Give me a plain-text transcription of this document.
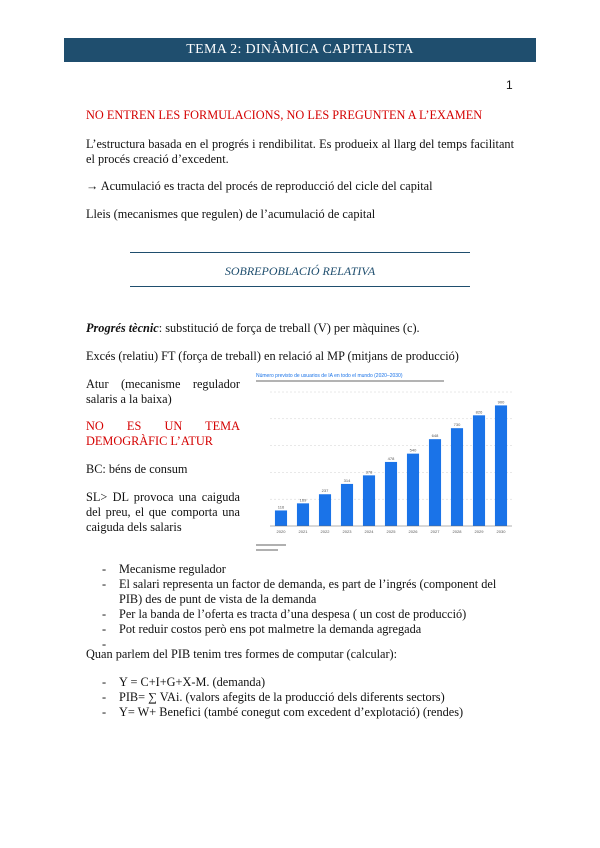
TEMA 2: DINÀMICA CAPITALISTA
1
NO ENTREN LES FORMULACIONS, NO LES PREGUNTEN A L’EXAMEN
L’estructura basada en el progrés i rendibilitat. Es produeix al llarg del temps facilitant el procés creació d’excedent.
→ Acumulació es tracta del procés de reproducció del cicle del capital
Lleis (mecanismes que regulen) de l’acumulació de capital
SOBREPOBLACIÓ RELATIVA
Progrés tècnic: substitució de força de treball (V) per màquines (c).
Excés (relatiu) FT (força de treball) en relació al MP (mitjans de producció)
Atur (mecanisme regulador salaris a la baixa)
NO ES UN TEMA DEMOGRÀFIC L’ATUR
BC: béns de consum
SL> DL provoca una caiguda del preu, el que comporta una caiguda dels salaris
Número previsto de usuarios de IA en todo el mundo (2020–2030)
116
169
237
314
378
478
540
648
730
826
900
2020	2021	2022	2023	2024	2025	2026	2027	2028	2029	2030
- Mecanisme regulador
- El salari representa un factor de demanda, es part de l’ingrés (component del PIB) des de punt de vista de la demanda
- Per la banda de l’oferta es tracta d’una despesa ( un cost de producció)
- Pot reduir costos però ens pot malmetre la demanda agregada
-
Quan parlem del PIB tenim tres formes de computar (calcular):
- Y = C+I+G+X-M. (demanda)
- PIB= ∑ VAi. (valors afegits de la producció dels diferents sectors)
- Y= W+ Benefici (també conegut com excedent d’explotació) (rendes)
